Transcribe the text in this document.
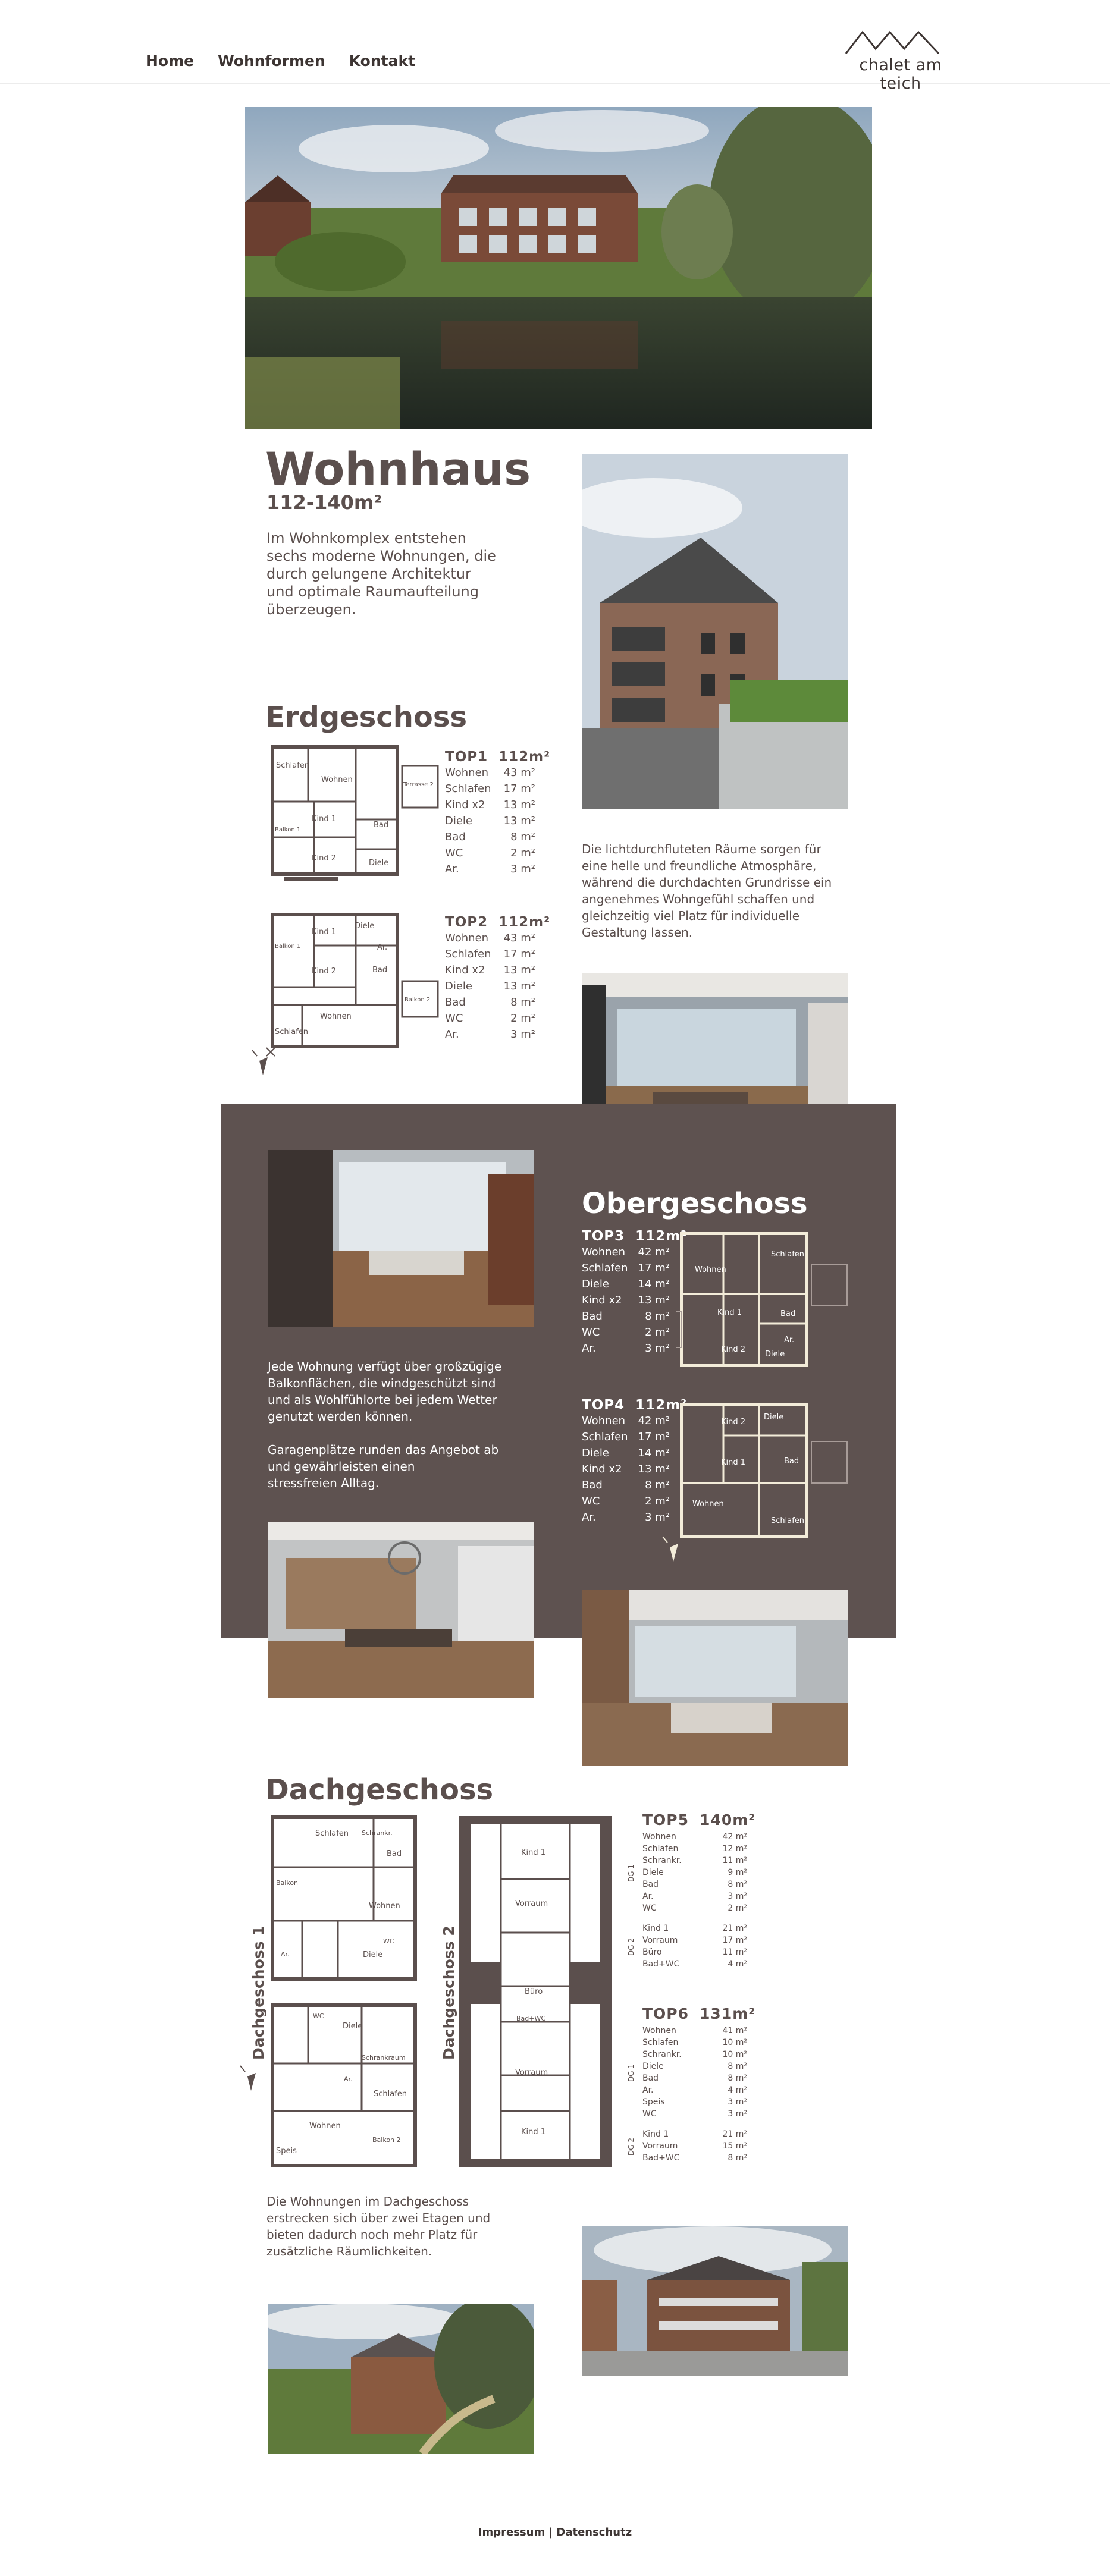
Home Wohnformen Kontakt	chalet am teich
Wohnhaus
112-140m²

Im Wohnkomplex entstehen
sechs moderne Wohnungen, die
durch gelungene Architektur
und optimale Raumaufteilung
überzeugen.

Erdgeschoss
Schlafen
Wohnen
Terrasse 2
Kind 1
Bad
Kind 2
Diele
Balkon 1
TOP1 112m²
Wohnen 43 m²
Schlafen 17 m²
Kind x2 13 m²
Diele	13 m²
Bad	8 m²
WC	2 m²
Ar.	3 m²
Diele
Kind 1
Ar.
Kind 2	Bad
Balkon 1
Balkon 2
Wohnen
Schlafen
TOP2 112m²
Wohnen 43 m²
Schlafen 17 m²
Kind x2 13 m²
Diele	13 m²
Bad	8 m²
WC	2 m²
Ar.	3 m²

Die lichtdurchfluteten Räume sorgen für
eine helle und freundliche Atmosphäre,
während die durchdachten Grundrisse ein
angenehmes Wohngefühl schaffen und
gleichzeitig viel Platz für individuelle
Gestaltung lassen.

Jede Wohnung verfügt über großzügige
Balkonflächen, die windgeschützt sind
und als Wohlfühlorte bei jedem Wetter
genutzt werden können.

Garagenplätze runden das Angebot ab
und gewährleisten einen
stressfreien Alltag.

Obergeschoss
TOP3 112m²
Wohnen 42 m²
Schlafen 17 m²
Diele	14 m²
Kind x2 13 m²
Bad	8 m²
WC	2 m²
Ar.	3 m²
Wohnen
Schlafen
Kind 1	Bad
Kind 2
Diele
Ar.
TOP4 112m²
Wohnen 42 m²
Schlafen 17 m²
Diele	14 m²
Kind x2 13 m²
Bad	8 m²
WC	2 m²
Ar.	3 m²
Diele
Kind 2
Kind 1	Bad
Wohnen
Schlafen
Dachgeschoss
Dachgeschoss 1	Dachgeschoss 2
Schlafen Schrankr.
Bad
Wohnen
Balkon
Diele
WC
Ar.
Diele
WC
Schrankraum
Ar.
Schlafen
Wohnen
Speis
Balkon 2
Kind 1
Vorraum
Büro
Bad+WC
Vorraum
Kind 1
TOP5 140m²
DG 1
Wohnen	42 m²
Schlafen	12 m²
Schrankr.	11 m²
Diele	9 m²
Bad	8 m²
Ar.	3 m²
WC	2 m²
DG 2
Kind 1	21 m²
Vorraum	17 m²
Büro	11 m²
Bad+WC	4 m²
TOP6 131m²
DG 1
Wohnen	41 m²
Schlafen	10 m²
Schrankr.	10 m²
Diele	8 m²
Bad	8 m²
Ar.	4 m²
Speis	3 m²
WC	3 m²
DG 2
Kind 1	21 m²
Vorraum	15 m²
Bad+WC	8 m²

Die Wohnungen im Dachgeschoss
erstrecken sich über zwei Etagen und
bieten dadurch noch mehr Platz für
zusätzliche Räumlichkeiten.

Impressum | Datenschutz
